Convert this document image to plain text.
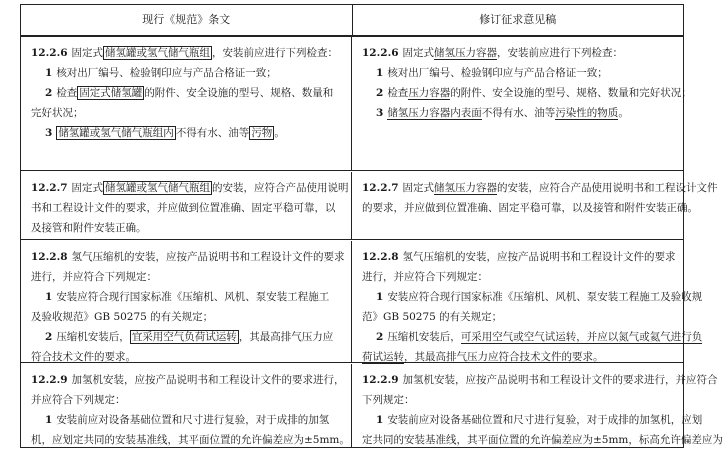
现行《规范》条文	修订征求意见稿
12.2.6 固定式 储氢罐或氢气储气瓶组 ，安装前应进行下列检查：
1 核对出厂编号、检验钢印应与产品合格证一致；
2 检查 固定式储氢罐 的附件、安全设施的型号、规格、数量和
完好状况；
3 储氢罐或氢气储气瓶组内 不得有水、油等 污物 。
12.2.6 固定式储氢压力容器，安装前应进行下列检查：
1 核对出厂编号、检验钢印应与产品合格证一致；
2 检查压力容器的附件、安全设施的型号、规格、数量和完好状况；
3 储氢压力容器内表面不得有水、油等污染性的物质。
12.2.7 固定式 储氢罐或氢气储气瓶组 的安装，应符合产品使用说明
书和工程设计文件的要求，并应做到位置准确、固定平稳可靠，以
及接管和附件安装正确。
12.2.7 固定式储氢压力容器的安装，应符合产品使用说明书和工程设计文件
的要求，并应做到位置准确、固定平稳可靠，以及接管和附件安装正确。
12.2.8 氢气压缩机的安装，应按产品说明书和工程设计文件的要求
进行，并应符合下列规定：
1 安装应符合现行国家标准《压缩机、风机、泵安装工程施工
及验收规范》GB 50275 的有关规定；
2 压缩机安装后， 宜采用空气负荷试运转 ，其最高排气压力应
符合技术文件的要求。
12.2.8 氢气压缩机的安装，应按产品说明书和工程设计文件的要求
进行，并应符合下列规定：
1 安装应符合现行国家标准《压缩机、风机、泵安装工程施工及验收规
范》GB 50275 的有关规定；
2 压缩机安装后，可采用空气或空气试运转，并应以氮气或氦气进行负
荷试运转，其最高排气压力应符合技术文件的要求。
12.2.9 加氢机安装，应按产品说明书和工程设计文件的要求进行，
并应符合下列规定：
1 安装前应对设备基础位置和尺寸进行复验，对于成排的加氢
机，应划定共同的安装基准线，其平面位置的允许偏差应为±5mm。
12.2.9 加氢机安装，应按产品说明书和工程设计文件的要求进行，并应符合
下列规定：
1 安装前应对设备基础位置和尺寸进行复验，对于成排的加氢机，应划
定共同的安装基准线，其平面位置的允许偏差应为±5mm，标高允许偏差应为
